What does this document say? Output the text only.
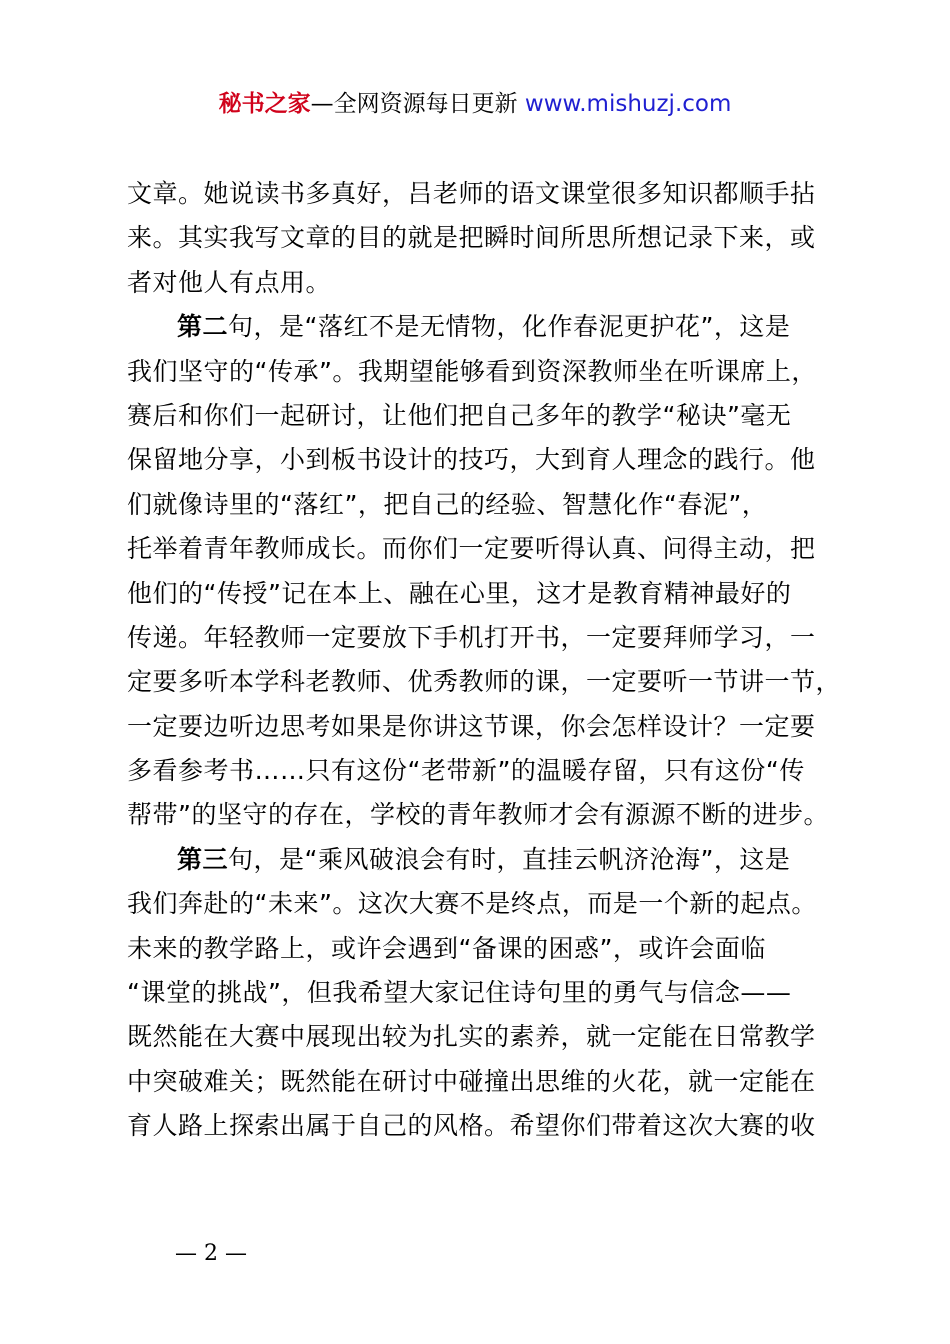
秘书之家—全网资源每日更新 www.mishuzj.com
文章。她说读书多真好，吕老师的语文课堂很多知识都顺手拈
来。其实我写文章的目的就是把瞬时间所思所想记录下来，或
者对他人有点用。
第二句，是“落红不是无情物，化作春泥更护花”，这是
我们坚守的“传承”。我期望能够看到资深教师坐在听课席上，
赛后和你们一起研讨，让他们把自己多年的教学“秘诀”毫无
保留地分享，小到板书设计的技巧，大到育人理念的践行。他
们就像诗里的“落红”，把自己的经验、智慧化作“春泥”，
托举着青年教师成长。而你们一定要听得认真、问得主动，把
他们的“传授”记在本上、融在心里，这才是教育精神最好的
传递。年轻教师一定要放下手机打开书，一定要拜师学习，一
定要多听本学科老教师、优秀教师的课，一定要听一节讲一节，
一定要边听边思考如果是你讲这节课，你会怎样设计？一定要
多看参考书……只有这份“老带新”的温暖存留，只有这份“传
帮带”的坚守的存在，学校的青年教师才会有源源不断的进步。
第三句，是“乘风破浪会有时，直挂云帆济沧海”，这是
我们奔赴的“未来”。这次大赛不是终点，而是一个新的起点。
未来的教学路上，或许会遇到“备课的困惑”，或许会面临
“课堂的挑战”，但我希望大家记住诗句里的勇气与信念——
既然能在大赛中展现出较为扎实的素养，就一定能在日常教学
中突破难关；既然能在研讨中碰撞出思维的火花，就一定能在
育人路上探索出属于自己的风格。希望你们带着这次大赛的收
— 2 —
